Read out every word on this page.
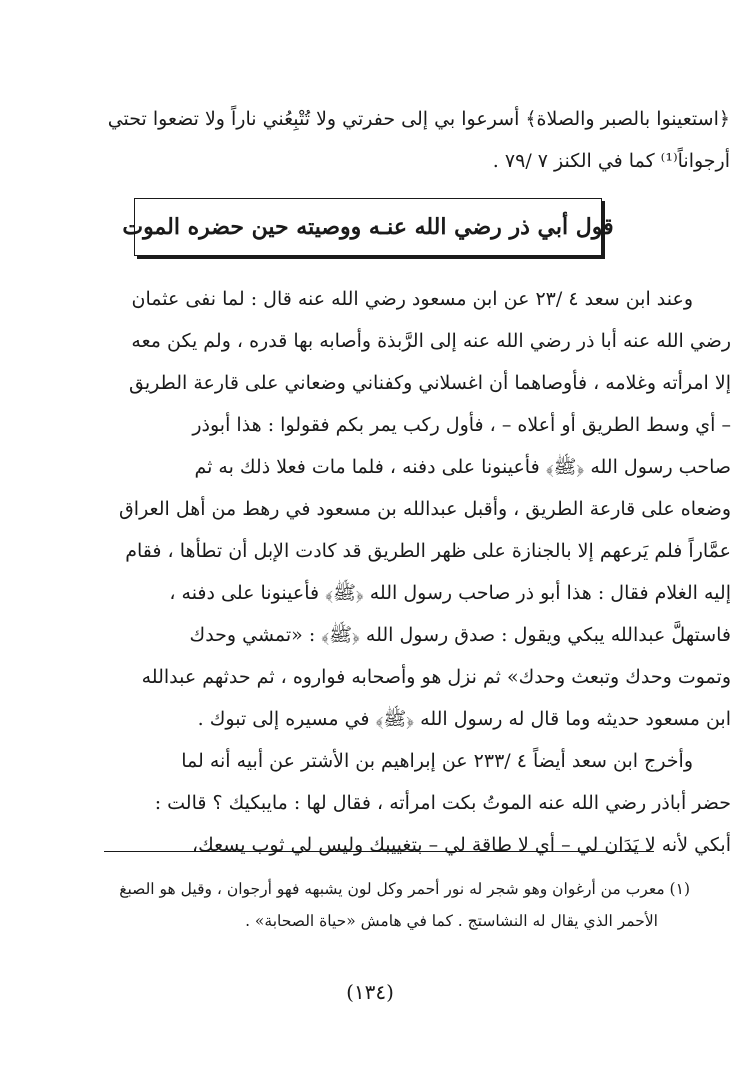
﴿استعينوا بالصبر والصلاة﴾ أسرعوا بي إلى حفرتي ولا تُتْبِعُني ناراً ولا تضعوا تحتي
أرجواناً⁽¹⁾ كما في الكنز ٧ /٧٩ .
قول أبي ذر رضي الله عنـه ووصيته حين حضره الموت
وعند ابن سعد ٤ /٢٣ عن ابن مسعود رضي الله عنه قال : لما نفى عثمان
رضي الله عنه أبا ذر رضي الله عنه إلى الرَّبذة وأصابه بها قدره ، ولم يكن معه
إلا امرأته وغلامه ، فأوصاهما أن اغسلاني وكفناني وضعاني على قارعة الطريق
– أي وسط الطريق أو أعلاه – ، فأول ركب يمر بكم فقولوا : هذا أبوذر
صاحب رسول الله ﴿ﷺ﴾ فأعينونا على دفنه ، فلما مات فعلا ذلك به ثم
وضعاه على قارعة الطريق ، وأقبل عبدالله بن مسعود في رهط من أهل العراق
عمَّاراً فلم يَرعهم إلا بالجنازة على ظهر الطريق قد كادت الإبل أن تطأها ، فقام
إليه الغلام فقال : هذا أبو ذر صاحب رسول الله ﴿ﷺ﴾ فأعينونا على دفنه ،
فاستهلَّ عبدالله يبكي ويقول : صدق رسول الله ﴿ﷺ﴾ : «تمشي وحدك
وتموت وحدك وتبعث وحدك» ثم نزل هو وأصحابه فواروه ، ثم حدثهم عبدالله
ابن مسعود حديثه وما قال له رسول الله ﴿ﷺ﴾ في مسيره إلى تبوك .
وأخرج ابن سعد أيضاً ٤ /٢٣٣ عن إبراهيم بن الأشتر عن أبيه أنه لما
حضر أباذر رضي الله عنه الموتُ بكت امرأته ، فقال لها : مايبكيك ؟ قالت :
أبكي لأنه لا يَدَان لي – أي لا طاقة لي – بتغييبك وليس لي ثوب يسعك،
(١) معرب من أرغوان وهو شجر له نور أحمر وكل لون يشبهه فهو أرجوان ، وقيل هو الصبغ
الأحمر الذي يقال له النشاستج . كما في هامش «حياة الصحابة» .
(١٣٤)
